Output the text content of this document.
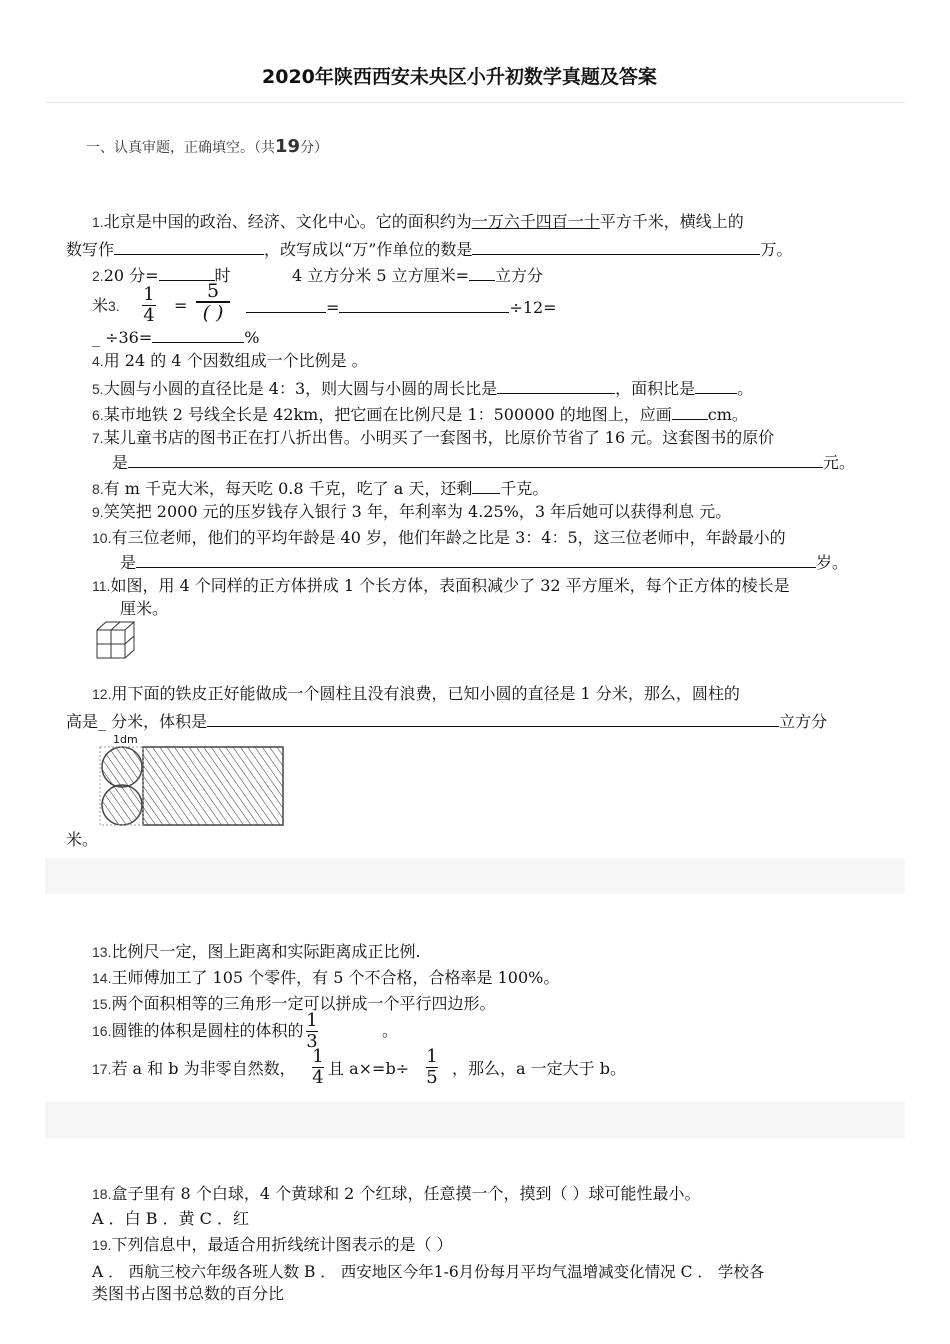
2020年陕西西安未央区小升初数学真题及答案
一、认真审题，正确填空。（共19分）
1.北京是中国的政治、经济、文化中心。它的面积约为一万六千四百一十平方千米，横线上的
数写作	，改写成以“万”作单位的数是	万。
2.20 分=	时	4 立方分米 5 立方厘米= 立方分
米3.
1
4 =
5
( )	=	÷12=
_ ÷36=	%
4.用 24 的 4 个因数组成一个比例是 。
5.大圆与小圆的直径比是 4：3，则大圆与小圆的周长比是	，面积比是	。
6.某市地铁 2 号线全长是 42km，把它画在比例尺是 1：500000 的地图上，应画 cm。
7.某儿童书店的图书正在打八折出售。小明买了一套图书，比原价节省了 16 元。这套图书的原价
是	元。
8.有 m 千克大米，每天吃 0.8 千克，吃了 a 天，还剩 千克。
9.笑笑把 2000 元的压岁钱存入银行 3 年，年利率为 4.25%，3 年后她可以获得利息 元。
10.有三位老师，他们的平均年龄是 40 岁，他们年龄之比是 3：4：5，这三位老师中，年龄最小的
是	岁。
11.如图，用 4 个同样的正方体拼成 1 个长方体，表面积减少了 32 平方厘米，每个正方体的棱长是
厘米。
12.用下面的铁皮正好能做成一个圆柱且没有浪费，已知小圆的直径是 1 分米，那么，圆柱的
高是_ 分米，体积是	立方分
1dm
米。
13.比例尺一定，图上距离和实际距离成正比例.
14.王师傅加工了 105 个零件，有 5 个不合格，合格率是 100%。
15.两个面积相等的三角形一定可以拼成一个平行四边形。
16.圆锥的体积是圆柱的体积的 1
3
。
17.若 a 和 b 为非零自然数，
1
4 且 a×=b÷
1
5 ，那么，a 一定大于 b。
18.盒子里有 8 个白球，4 个黄球和 2 个红球，任意摸一个，摸到（ ）球可能性最小。
A ．白 B ．黄 C ．红
19.下列信息中，最适合用折线统计图表示的是（ ）
A ． 西航三校六年级各班人数 B ． 西安地区今年1-6月份每月平均气温增减变化情况 C ． 学校各
类图书占图书总数的百分比
